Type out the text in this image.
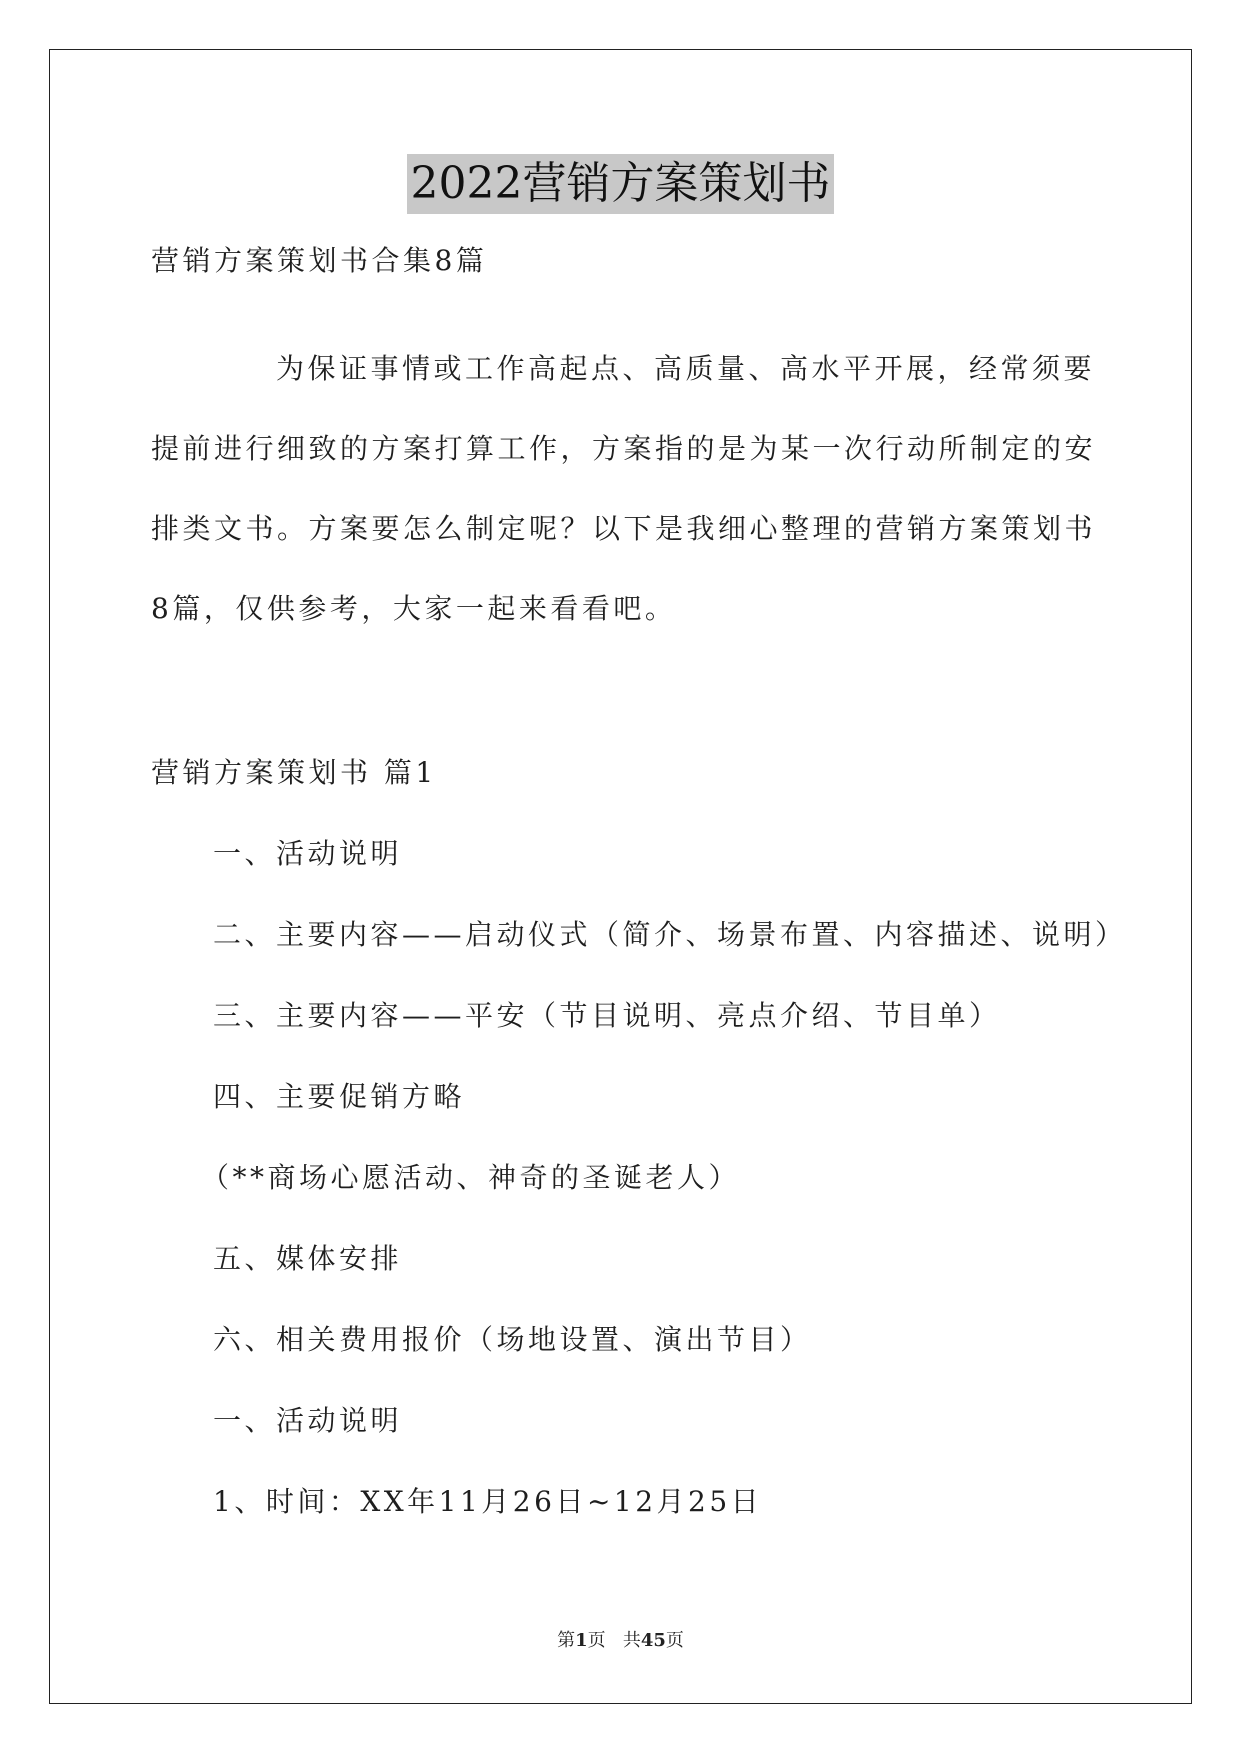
2022营销方案策划书
营销方案策划书合集8篇
为保证事情或工作高起点、高质量、高水平开展，经常须要
提前进行细致的方案打算工作，方案指的是为某一次行动所制定的安
排类文书。方案要怎么制定呢？以下是我细心整理的营销方案策划书
8篇，仅供参考，大家一起来看看吧。
营销方案策划书 篇1
一、活动说明
二、主要内容——启动仪式（简介、场景布置、内容描述、说明）
三、主要内容——平安（节目说明、亮点介绍、节目单）
四、主要促销方略
（**商场心愿活动、神奇的圣诞老人）
五、媒体安排
六、相关费用报价（场地设置、演出节目）
一、活动说明
1、时间：XX年11月26日~12月25日
第1页 共45页
